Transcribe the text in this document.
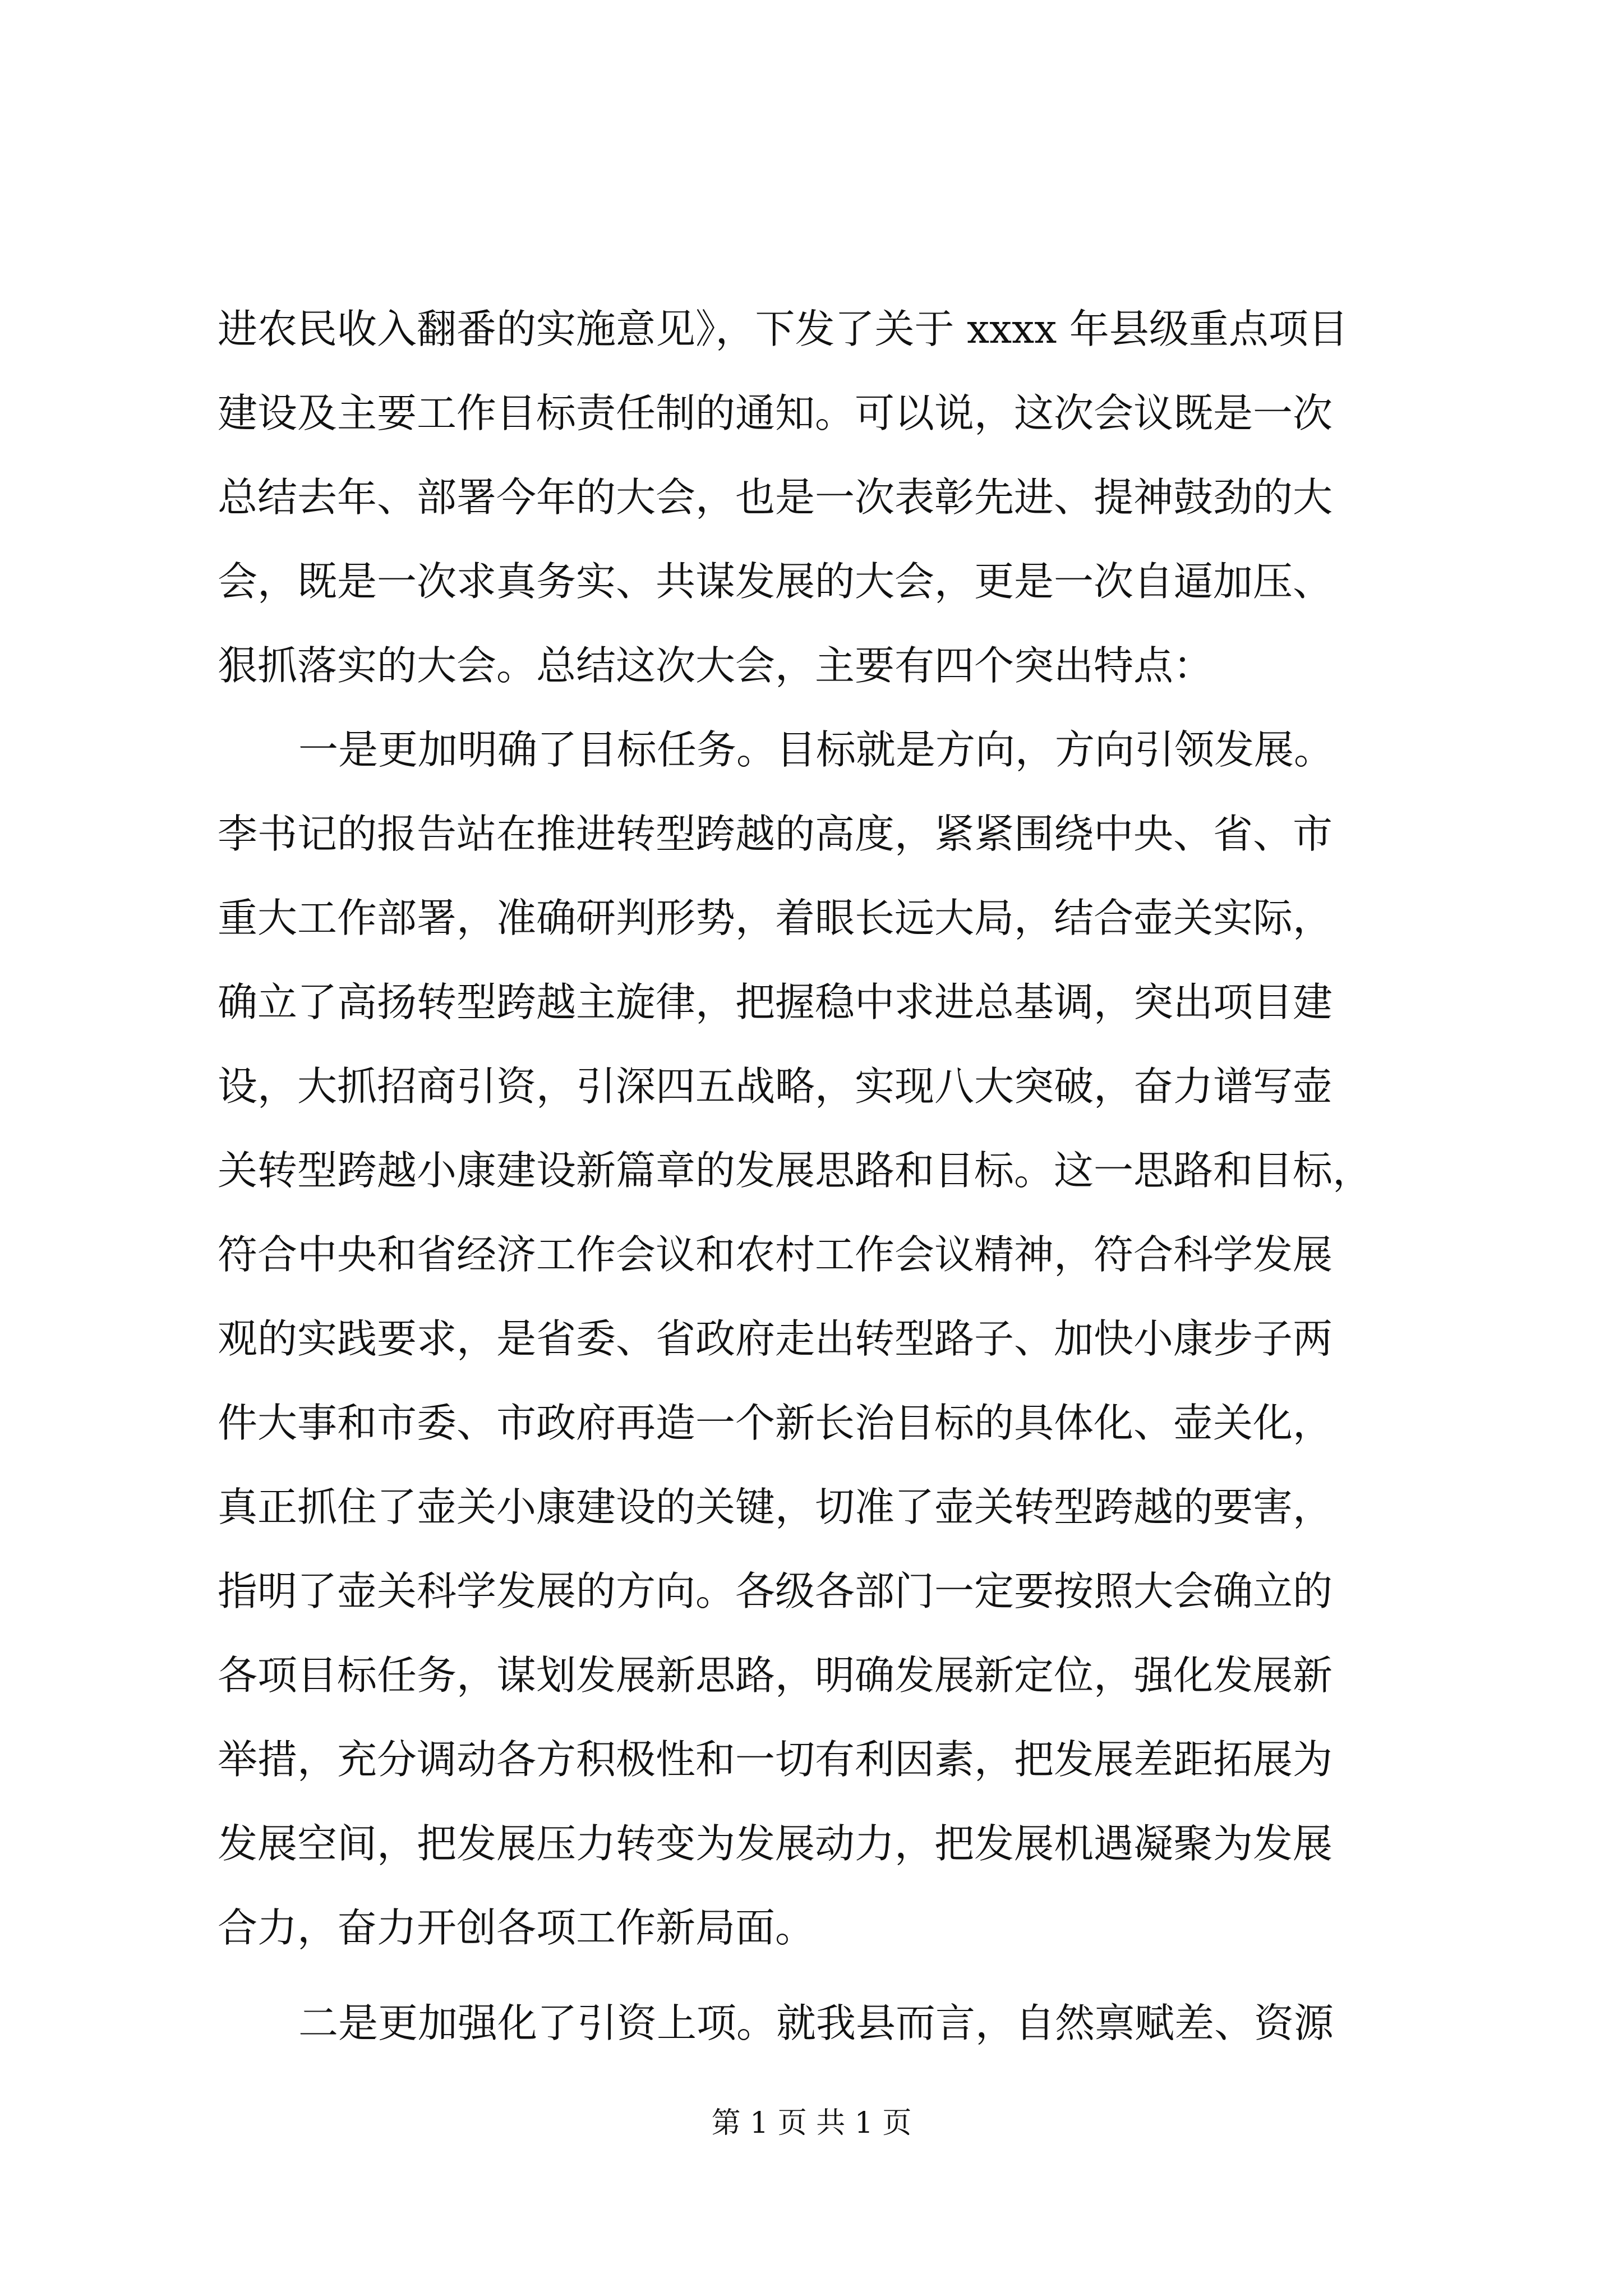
进农民收入翻番的实施意见》，下发了关于 xxxx 年县级重点项目
建设及主要工作目标责任制的通知。可以说，这次会议既是一次
总结去年、部署今年的大会，也是一次表彰先进、提神鼓劲的大
会，既是一次求真务实、共谋发展的大会，更是一次自逼加压、
狠抓落实的大会。总结这次大会，主要有四个突出特点：
一是更加明确了目标任务。目标就是方向，方向引领发展。
李书记的报告站在推进转型跨越的高度，紧紧围绕中央、省、市
重大工作部署，准确研判形势，着眼长远大局，结合壶关实际，
确立了高扬转型跨越主旋律，把握稳中求进总基调，突出项目建
设，大抓招商引资，引深四五战略，实现八大突破，奋力谱写壶
关转型跨越小康建设新篇章的发展思路和目标。这一思路和目标，
符合中央和省经济工作会议和农村工作会议精神，符合科学发展
观的实践要求，是省委、省政府走出转型路子、加快小康步子两
件大事和市委、市政府再造一个新长治目标的具体化、壶关化，
真正抓住了壶关小康建设的关键，切准了壶关转型跨越的要害，
指明了壶关科学发展的方向。各级各部门一定要按照大会确立的
各项目标任务，谋划发展新思路，明确发展新定位，强化发展新
举措，充分调动各方积极性和一切有利因素，把发展差距拓展为
发展空间，把发展压力转变为发展动力，把发展机遇凝聚为发展
合力，奋力开创各项工作新局面。
二是更加强化了引资上项。就我县而言，自然禀赋差、资源
第 1 页 共 1 页
